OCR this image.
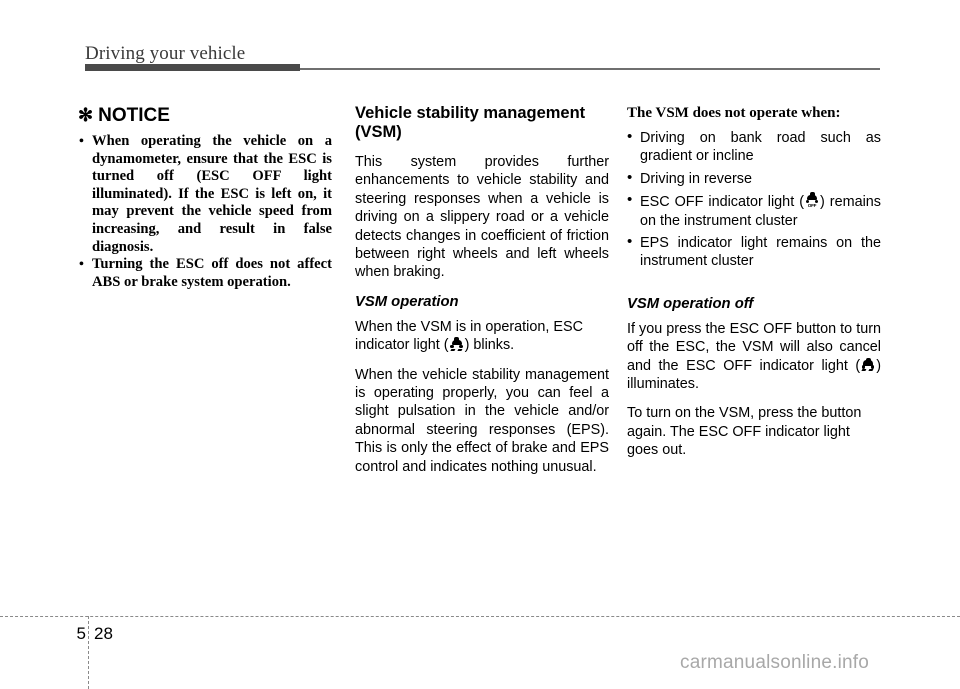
Driving your vehicle
✻ NOTICE
• When operating the vehicle on a dynamometer, ensure that the ESC is turned off (ESC OFF light illuminated). If the ESC is left on, it may prevent the vehicle speed from increasing, and result in false diagnosis.
• Turning the ESC off does not affect ABS or brake system operation.
Vehicle stability management (VSM)
This system provides further enhancements to vehicle stability and steering responses when a vehicle is driving on a slippery road or a vehicle detects changes in coefficient of friction between right wheels and left wheels when braking.
VSM operation
When the VSM is in operation, ESC indicator light ( ) blinks.
When the vehicle stability management is operating properly, you can feel a slight pulsation in the vehicle and/or abnormal steering responses (EPS). This is only the effect of brake and EPS control and indicates nothing unusual.
The VSM does not operate when:
• Driving on bank road such as gradient or incline
• Driving in reverse
• ESC OFF indicator light ( OFF ) remains on the instrument cluster
• EPS indicator light remains on the instrument cluster
VSM operation off
If you press the ESC OFF button to turn off the ESC, the VSM will also cancel and the ESC OFF indicator light ( ) illuminates.
To turn on the VSM, press the button again. The ESC OFF indicator light goes out.
5 28
carmanualsonline.info
